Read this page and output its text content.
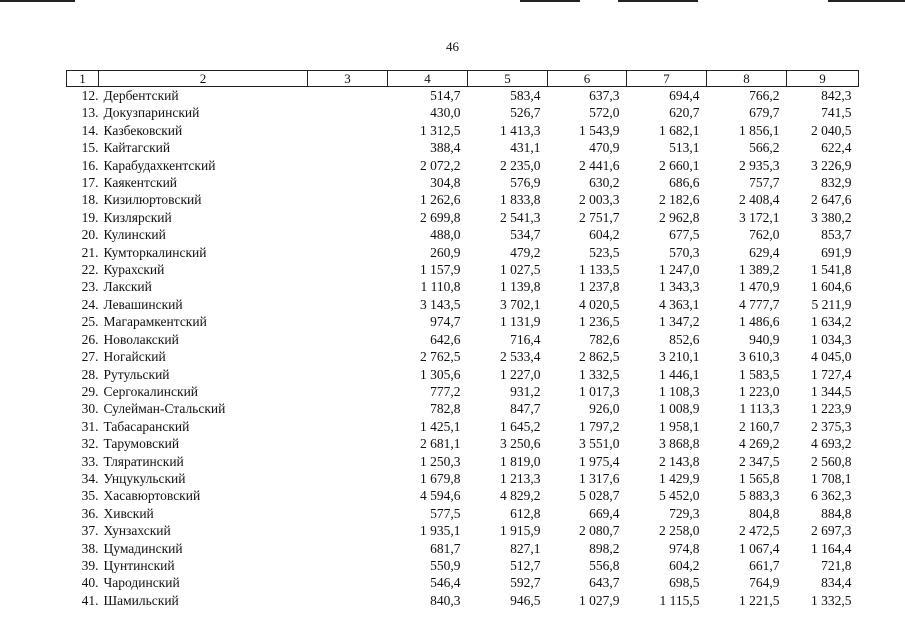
46
1	2	3	4	5	6	7	8	9
12.	Дербентский		514,7	583,4	637,3	694,4	766,2	842,3
13.	Докузпаринский		430,0	526,7	572,0	620,7	679,7	741,5
14.	Казбековский		1 312,5	1 413,3	1 543,9	1 682,1	1 856,1	2 040,5
15.	Кайтагский		388,4	431,1	470,9	513,1	566,2	622,4
16.	Карабудахкентский		2 072,2	2 235,0	2 441,6	2 660,1	2 935,3	3 226,9
17.	Каякентский		304,8	576,9	630,2	686,6	757,7	832,9
18.	Кизилюртовский		1 262,6	1 833,8	2 003,3	2 182,6	2 408,4	2 647,6
19.	Кизлярский		2 699,8	2 541,3	2 751,7	2 962,8	3 172,1	3 380,2
20.	Кулинский		488,0	534,7	604,2	677,5	762,0	853,7
21.	Кумторкалинский		260,9	479,2	523,5	570,3	629,4	691,9
22.	Курахский		1 157,9	1 027,5	1 133,5	1 247,0	1 389,2	1 541,8
23.	Лакский		1 110,8	1 139,8	1 237,8	1 343,3	1 470,9	1 604,6
24.	Левашинский		3 143,5	3 702,1	4 020,5	4 363,1	4 777,7	5 211,9
25.	Магарамкентский		974,7	1 131,9	1 236,5	1 347,2	1 486,6	1 634,2
26.	Новолакский		642,6	716,4	782,6	852,6	940,9	1 034,3
27.	Ногайский		2 762,5	2 533,4	2 862,5	3 210,1	3 610,3	4 045,0
28.	Рутульский		1 305,6	1 227,0	1 332,5	1 446,1	1 583,5	1 727,4
29.	Сергокалинский		777,2	931,2	1 017,3	1 108,3	1 223,0	1 344,5
30.	Сулейман-Стальский		782,8	847,7	926,0	1 008,9	1 113,3	1 223,9
31.	Табасаранский		1 425,1	1 645,2	1 797,2	1 958,1	2 160,7	2 375,3
32.	Тарумовский		2 681,1	3 250,6	3 551,0	3 868,8	4 269,2	4 693,2
33.	Тляратинский		1 250,3	1 819,0	1 975,4	2 143,8	2 347,5	2 560,8
34.	Унцукульский		1 679,8	1 213,3	1 317,6	1 429,9	1 565,8	1 708,1
35.	Хасавюртовский		4 594,6	4 829,2	5 028,7	5 452,0	5 883,3	6 362,3
36.	Хивский		577,5	612,8	669,4	729,3	804,8	884,8
37.	Хунзахский		1 935,1	1 915,9	2 080,7	2 258,0	2 472,5	2 697,3
38.	Цумадинский		681,7	827,1	898,2	974,8	1 067,4	1 164,4
39.	Цунтинский		550,9	512,7	556,8	604,2	661,7	721,8
40.	Чародинский		546,4	592,7	643,7	698,5	764,9	834,4
41.	Шамильский		840,3	946,5	1 027,9	1 115,5	1 221,5	1 332,5
